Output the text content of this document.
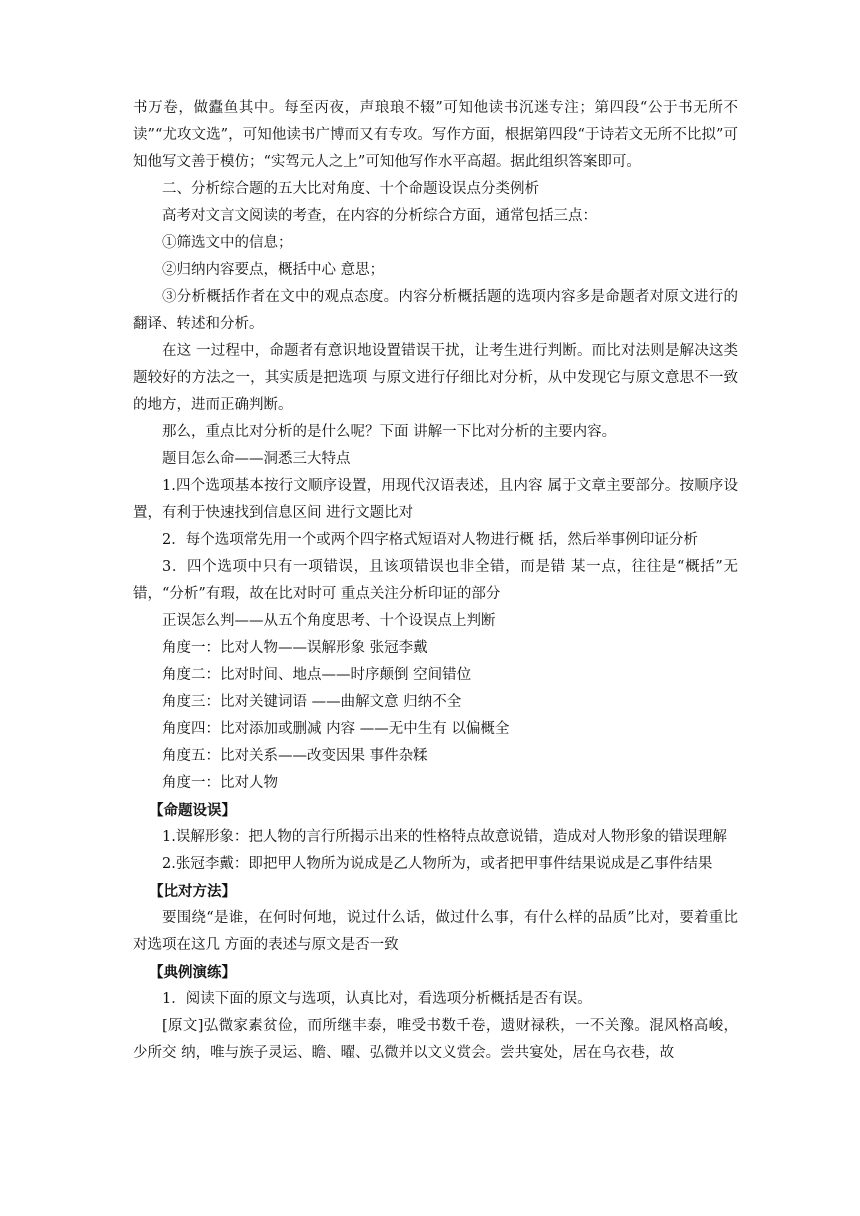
书万卷，做蠹鱼其中。每至丙夜，声琅琅不辍”可知他读书沉迷专注；第四段“公于书无所不读”“尤攻文选”，可知他读书广博而又有专攻。写作方面，根据第四段“于诗若文无所不比拟”可知他写文善于模仿；“实驾元人之上”可知他写作水平高超。据此组织答案即可。

二、分析综合题的五大比对角度、十个命题设误点分类例析

高考对文言文阅读的考查，在内容的分析综合方面，通常包括三点：

①筛选文中的信息；

②归纳内容要点，概括中心 意思；

③分析概括作者在文中的观点态度。内容分析概括题的选项内容多是命题者对原文进行的翻译、转述和分析。

在这 一过程中，命题者有意识地设置错误干扰，让考生进行判断。而比对法则是解决这类题较好的方法之一，其实质是把选项 与原文进行仔细比对分析，从中发现它与原文意思不一致的地方，进而正确判断。

那么，重点比对分析的是什么呢？下面 讲解一下比对分析的主要内容。

题目怎么命——洞悉三大特点

1.四个选项基本按行文顺序设置，用现代汉语表述，且内容 属于文章主要部分。按顺序设置，有利于快速找到信息区间 进行文题比对

2．每个选项常先用一个或两个四字格式短语对人物进行概 括，然后举事例印证分析

3．四个选项中只有一项错误，且该项错误也非全错，而是错 某一点，往往是“概括”无错，“分析”有瑕，故在比对时可 重点关注分析印证的部分

正误怎么判——从五个角度思考、十个设误点上判断

角度一：比对人物——误解形象 张冠李戴

角度二：比对时间、地点——时序颠倒 空间错位

角度三：比对关键词语 ——曲解文意 归纳不全

角度四：比对添加或删减 内容 ——无中生有 以偏概全

角度五：比对关系——改变因果 事件杂糅

角度一：比对人物

【命题设误】

1.误解形象：把人物的言行所揭示出来的性格特点故意说错，造成对人物形象的错误理解

2.张冠李戴：即把甲人物所为说成是乙人物所为，或者把甲事件结果说成是乙事件结果

【比对方法】

要围绕“是谁，在何时何地，说过什么话，做过什么事，有什么样的品质”比对，要着重比对选项在这几 方面的表述与原文是否一致

【典例演练】

1．阅读下面的原文与选项，认真比对，看选项分析概括是否有误。

[原文]弘微家素贫俭，而所继丰泰，唯受书数千卷，遗财禄秩，一不关豫。混风格高峻，少所交 纳，唯与族子灵运、瞻、曜、弘微并以文义赏会。尝共宴处，居在乌衣巷，故
